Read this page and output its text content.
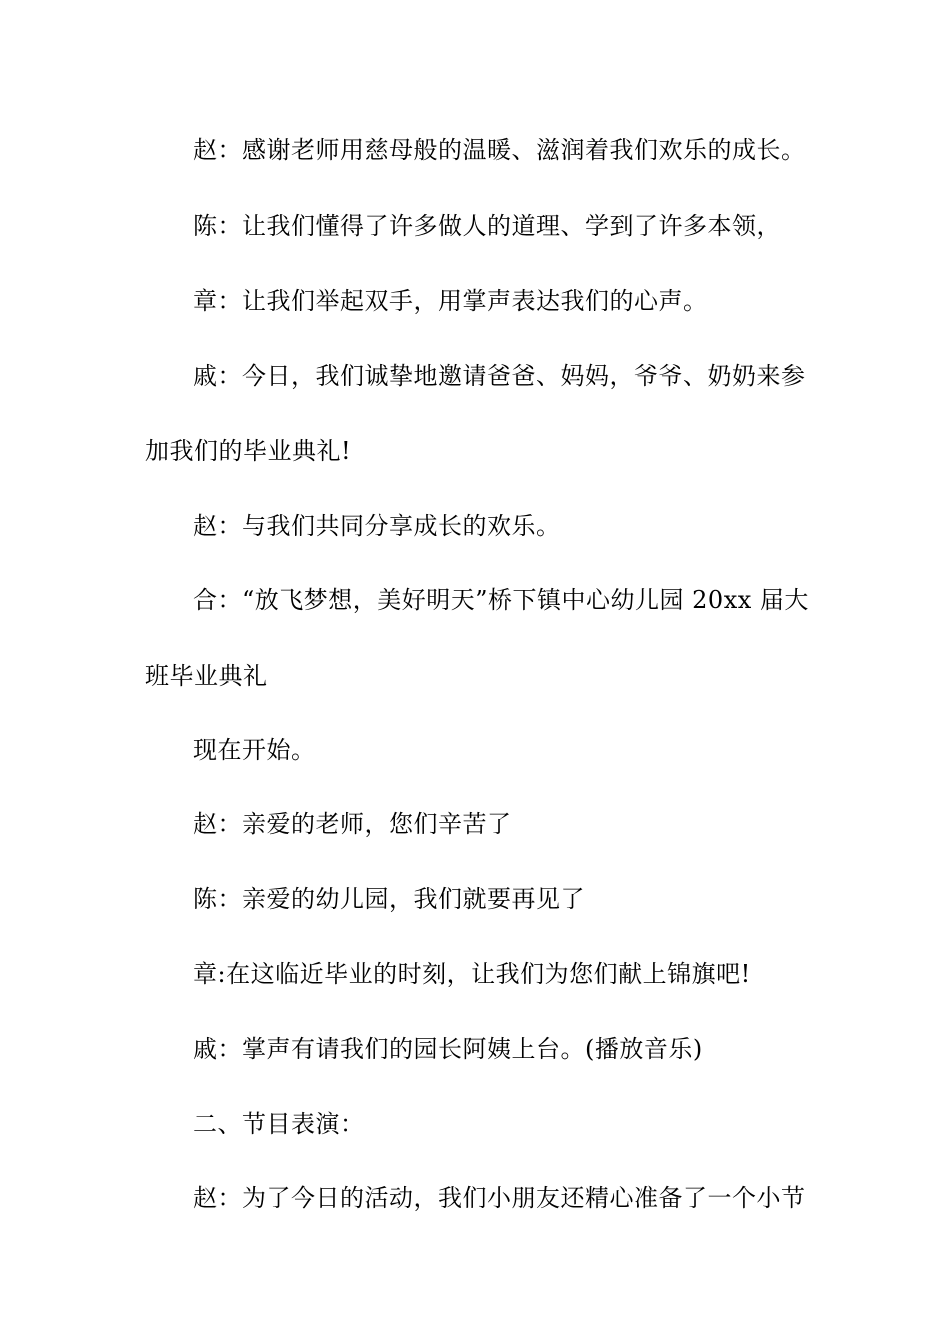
赵：感谢老师用慈母般的温暖、滋润着我们欢乐的成长。
陈：让我们懂得了许多做人的道理、学到了许多本领，
章：让我们举起双手，用掌声表达我们的心声。
戚：今日，我们诚挚地邀请爸爸、妈妈，爷爷、奶奶来参
加我们的毕业典礼!
赵：与我们共同分享成长的欢乐。
合：“放飞梦想，美好明天”桥下镇中心幼儿园 20xx 届大
班毕业典礼
现在开始。
赵：亲爱的老师，您们辛苦了
陈：亲爱的幼儿园，我们就要再见了
章:在这临近毕业的时刻，让我们为您们献上锦旗吧!
戚：掌声有请我们的园长阿姨上台。(播放音乐)
二、节目表演：
赵：为了今日的活动，我们小朋友还精心准备了一个小节
